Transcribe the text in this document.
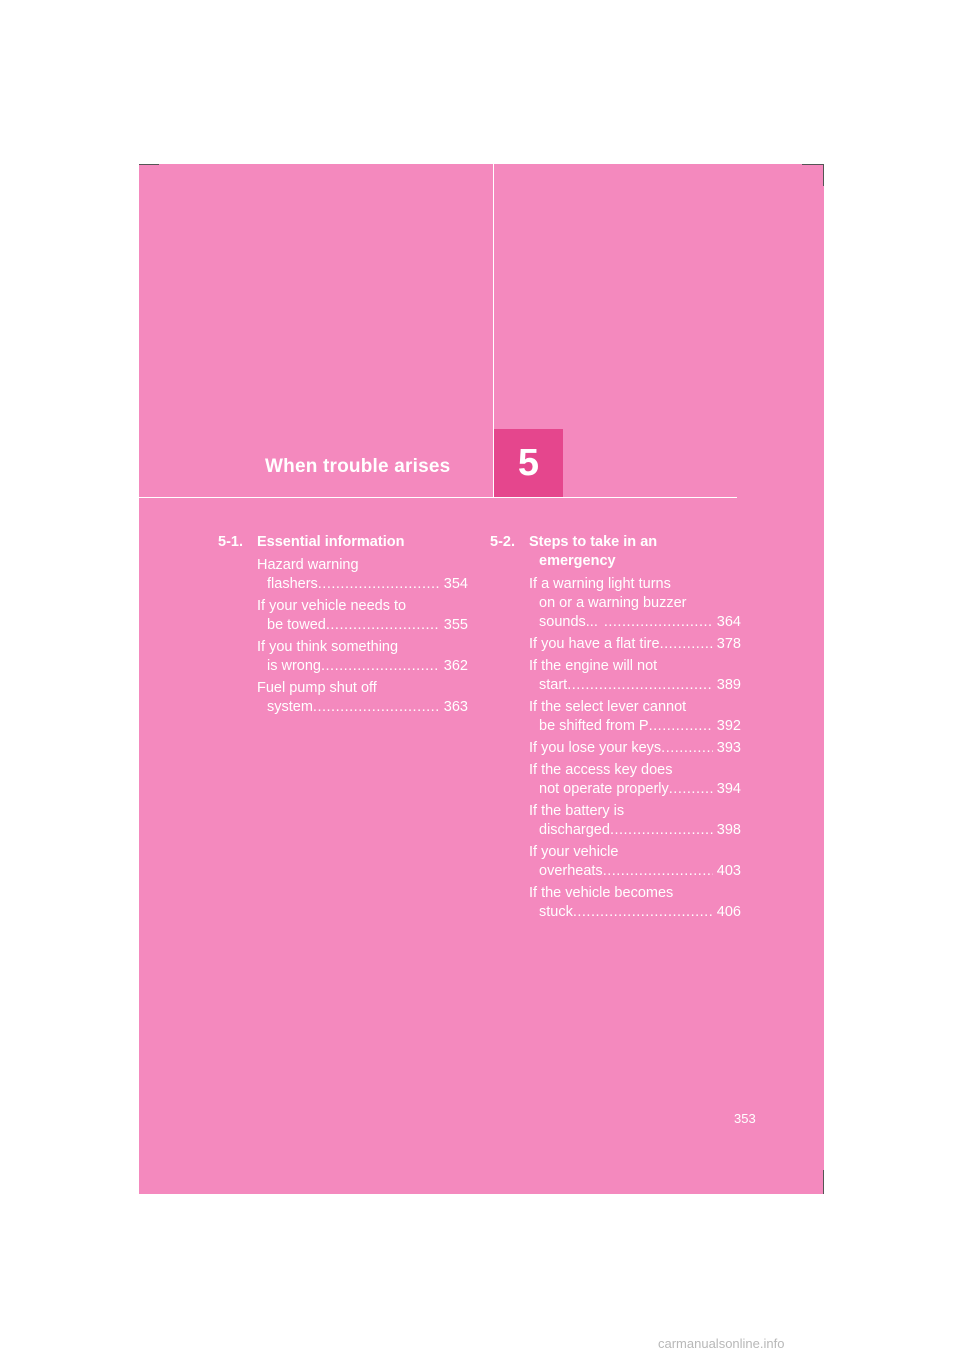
When trouble arises 5
5-1. Essential information
Hazard warning
flashers .....	354
If your vehicle needs to
be towed .....	355
If you think something
is wrong .....	362
Fuel pump shut off
system .....	363
5-2. Steps to take in an
emergency
If a warning light turns
on or a warning buzzer
sounds... .....	364
If you have a flat tire .....	378
If the engine will not
start .....	389
If the select lever cannot
be shifted from P .....	392
If you lose your keys .....	393
If the access key does
not operate properly .....	394
If the battery is
discharged .....	398
If your vehicle
overheats .....	403
If the vehicle becomes
stuck .....	406
353
carmanualsonline.info
